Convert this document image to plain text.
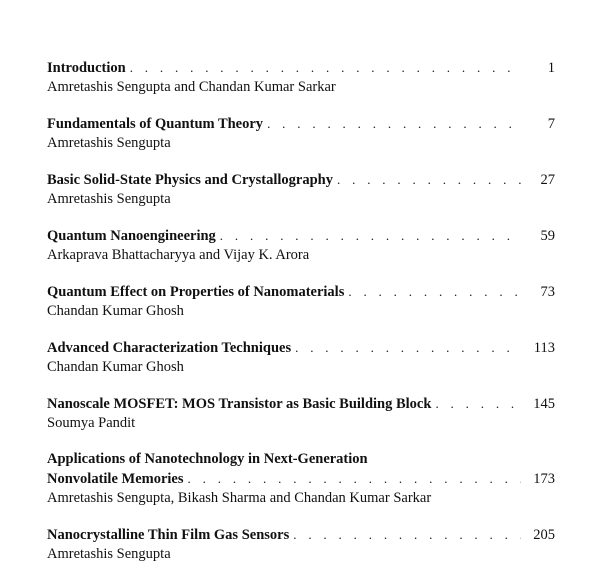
Introduction . . .	1
Amretashis Sengupta and Chandan Kumar Sarkar
Fundamentals of Quantum Theory . . .	7
Amretashis Sengupta
Basic Solid-State Physics and Crystallography . . .	27
Amretashis Sengupta
Quantum Nanoengineering . . .	59
Arkaprava Bhattacharyya and Vijay K. Arora
Quantum Effect on Properties of Nanomaterials . . .	73
Chandan Kumar Ghosh
Advanced Characterization Techniques . . .	113
Chandan Kumar Ghosh
Nanoscale MOSFET: MOS Transistor as Basic Building Block . . .	145
Soumya Pandit
Applications of Nanotechnology in Next-Generation
Nonvolatile Memories . . .	173
Amretashis Sengupta, Bikash Sharma and Chandan Kumar Sarkar
Nanocrystalline Thin Film Gas Sensors . . .	205
Amretashis Sengupta
